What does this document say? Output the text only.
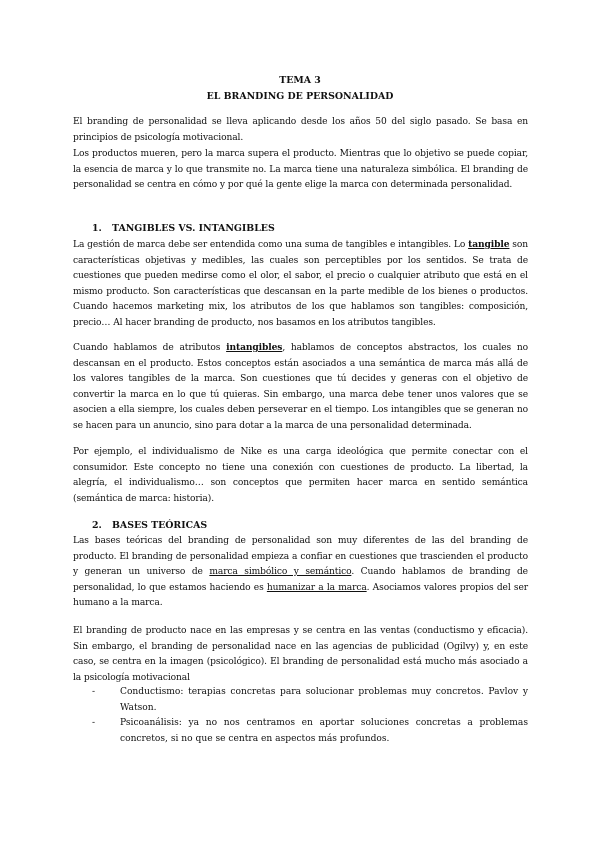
TEMA 3
EL BRANDING DE PERSONALIDAD
El branding de personalidad se lleva aplicando desde los años 50 del siglo pasado. Se basa en principios de psicología motivacional.
Los productos mueren, pero la marca supera el producto. Mientras que lo objetivo se puede copiar, la esencia de marca y lo que transmite no. La marca tiene una naturaleza simbólica. El branding de personalidad se centra en cómo y por qué la gente elige la marca con determinada personalidad.
1. TANGIBLES VS. INTANGIBLES
La gestión de marca debe ser entendida como una suma de tangibles e intangibles. Lo tangible son características objetivas y medibles, las cuales son perceptibles por los sentidos. Se trata de cuestiones que pueden medirse como el olor, el sabor, el precio o cualquier atributo que está en el mismo producto. Son características que descansan en la parte medible de los bienes o productos. Cuando hacemos marketing mix, los atributos de los que hablamos son tangibles: composición, precio… Al hacer branding de producto, nos basamos en los atributos tangibles.
Cuando hablamos de atributos intangibles, hablamos de conceptos abstractos, los cuales no descansan en el producto. Estos conceptos están asociados a una semántica de marca más allá de los valores tangibles de la marca. Son cuestiones que tú decides y generas con el objetivo de convertir la marca en lo que tú quieras. Sin embargo, una marca debe tener unos valores que se asocien a ella siempre, los cuales deben perseverar en el tiempo. Los intangibles que se generan no se hacen para un anuncio, sino para dotar a la marca de una personalidad determinada.
Por ejemplo, el individualismo de Nike es una carga ideológica que permite conectar con el consumidor. Este concepto no tiene una conexión con cuestiones de producto. La libertad, la alegría, el individualismo… son conceptos que permiten hacer marca en sentido semántica (semántica de marca: historia).
2. BASES TEÓRICAS
Las bases teóricas del branding de personalidad son muy diferentes de las del branding de producto. El branding de personalidad empieza a confiar en cuestiones que trascienden el producto y generan un universo de marca simbólico y semántico. Cuando hablamos de branding de personalidad, lo que estamos haciendo es humanizar a la marca. Asociamos valores propios del ser humano a la marca.
El branding de producto nace en las empresas y se centra en las ventas (conductismo y eficacia). Sin embargo, el branding de personalidad nace en las agencias de publicidad (Ogilvy) y, en este caso, se centra en la imagen (psicológico). El branding de personalidad está mucho más asociado a la psicología motivacional
-	Conductismo: terapias concretas para solucionar problemas muy concretos. Pavlov y Watson.
-	Psicoanálisis: ya no nos centramos en aportar soluciones concretas a problemas concretos, si no que se centra en aspectos más profundos.
